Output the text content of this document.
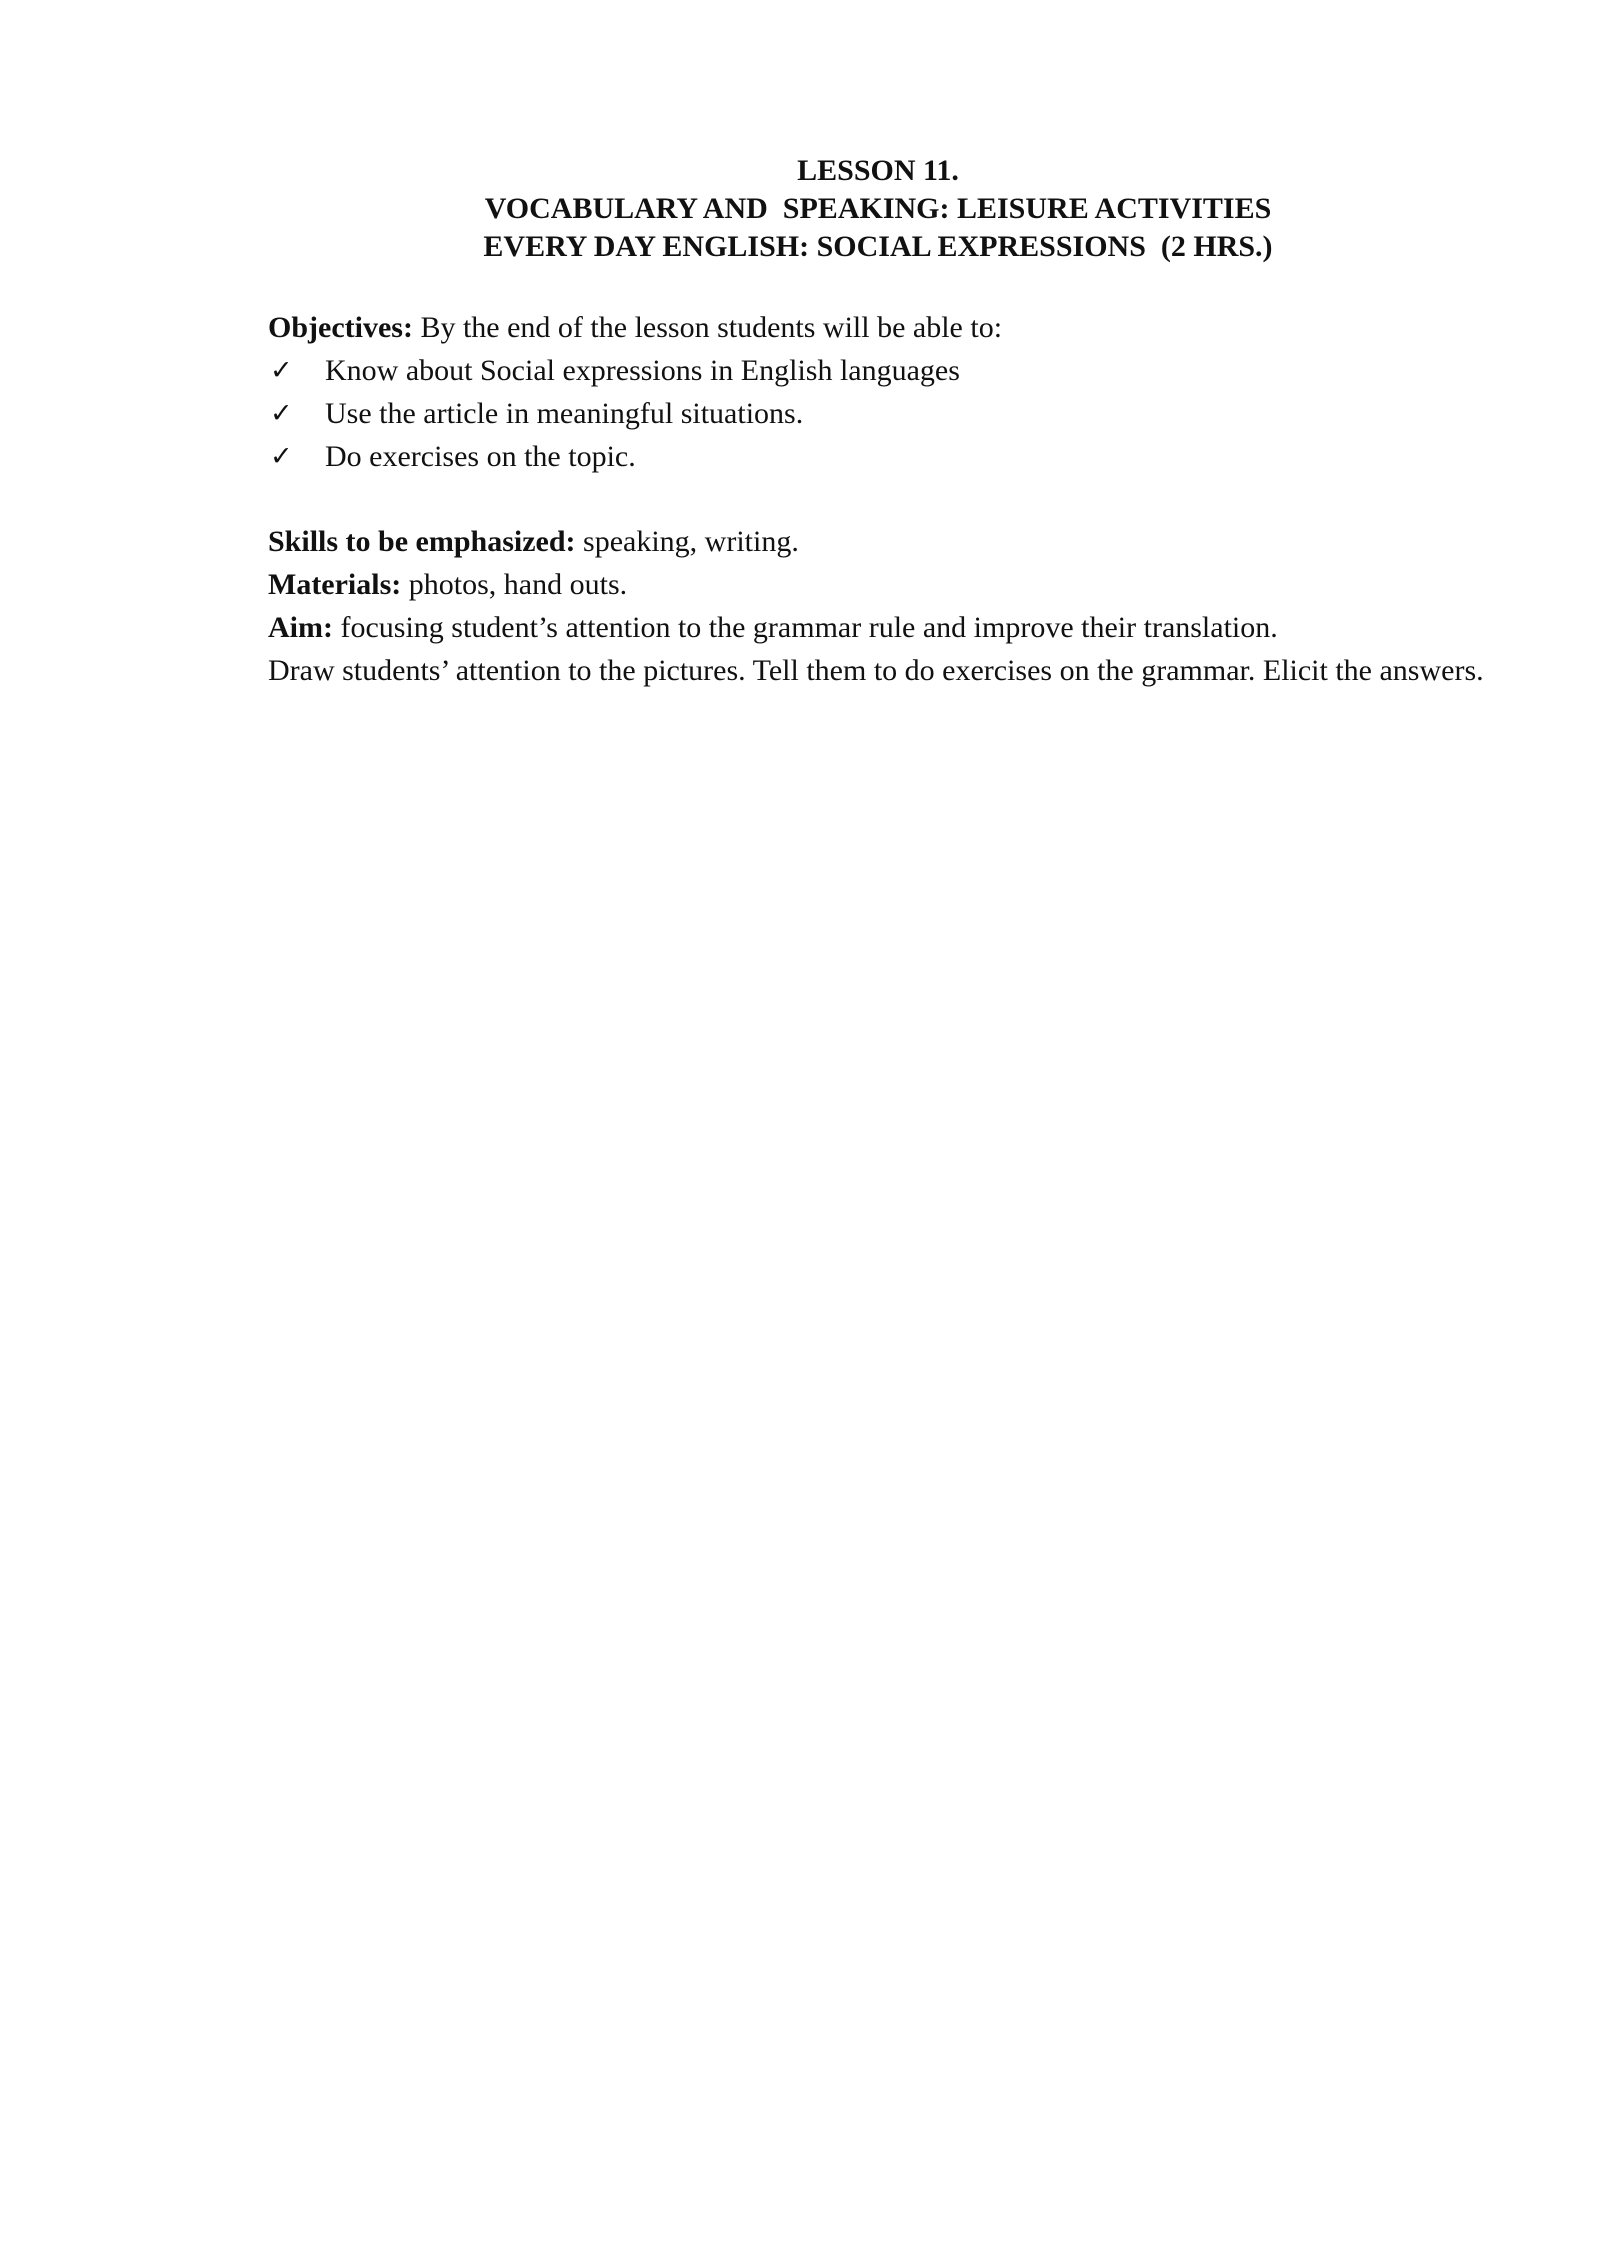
LESSON 11.
VOCABULARY AND  SPEAKING: LEISURE ACTIVITIES
EVERY DAY ENGLISH: SOCIAL EXPRESSIONS  (2 HRS.)
Objectives: By the end of the lesson students will be able to:
✓ Know about Social expressions in English languages
✓ Use the article in meaningful situations.
✓ Do exercises on the topic.
Skills to be emphasized: speaking, writing.
Materials: photos, hand outs.
Aim: focusing student’s attention to the grammar rule and improve their translation.
Draw students’ attention to the pictures. Tell them to do exercises on the grammar. Elicit the answers.
